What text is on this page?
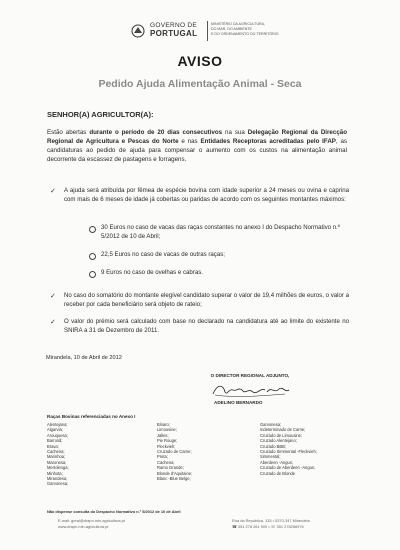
GOVERNO DE
PORTUGAL
MINISTÉRIO DA AGRICULTURA,
DO MAR, DO AMBIENTE
E DO ORDENAMENTO DO TERRITÓRIO
AVISO
Pedido Ajuda Alimentação Animal - Seca
SENHOR(A) AGRICULTOR(A):
Estão abertas durante o período de 20 dias consecutivos na sua Delegação Regional da Direcção Regional de Agricultura e Pescas do Norte e nas Entidades Receptoras acreditadas pelo IFAP, as candidaturas ao pedido de ajuda para compensar o aumento com os custos na alimentação animal decorrente da escassez de pastagens e forragens.
✓	A ajuda será atribuída por fêmea de espécie bovina com idade superior a 24 meses ou ovina e caprina com mais de 6 meses de idade já cobertas ou paridas de acordo com os seguintes montantes máximos:
30 Euros no caso de vacas das raças constantes no anexo I do Despacho Normativo n.º 5/2012 de 10 de Abril;
22,5 Euros no caso de vacas de outras raças;
9 Euros no caso de ovelhas e cabras.
✓	No caso do somatório do montante elegível candidato superar o valor de 19,4 milhões de euros, o valor a receber por cada beneficiário será objeto de rateio;
✓	O valor do prémio será calculado com base no declarado na candidatura até ao limite do existente no SNIRA a 31 de Dezembro de 2011.
Mirandela, 10 de Abril de 2012
O DIRECTOR REGIONAL ADJUNTO,
ADELINO BERNARDO
Raças Bovinas referenciadas no Anexo I
Alentejana;
Algarvia;
Arouquesa;
Barrosã;
Brava;
Cachena;
Marinhoa;
Maronesa;
Mertolenga;
Minhota;
Mirandesa;
Garvonesa;
Bísaro;
Limousine;
Jalles;
Pie Rouge;
Fleckvieh;
Cruzado de Carne;
Preta;
Cachena;
Ramo Grande;
Blonde d'Aquitaine;
Blanc -Blue Belge;
Garvonesa;
Indeterminado de Carne;
Cruzado de Limousine;
Cruzado Alentejano;
Cruzado BBB;
Cruzado Simmental -Fleckvieh;
Simmental;
Aberdeen -Angus;
Cruzado de Aberdeen -Angus;
Cruzado de Blonde
Não dispense consulta do Despacho Normativo n.º 5/2012 de 10 de Abril
E-mail: geral@drapn.min-agricultura.pt
www.drapn.min-agricultura.pt
Rua da República, 133 • 5370-347 Mirandela
☎ 351 278 261 900 • ☏ 351 278266976
